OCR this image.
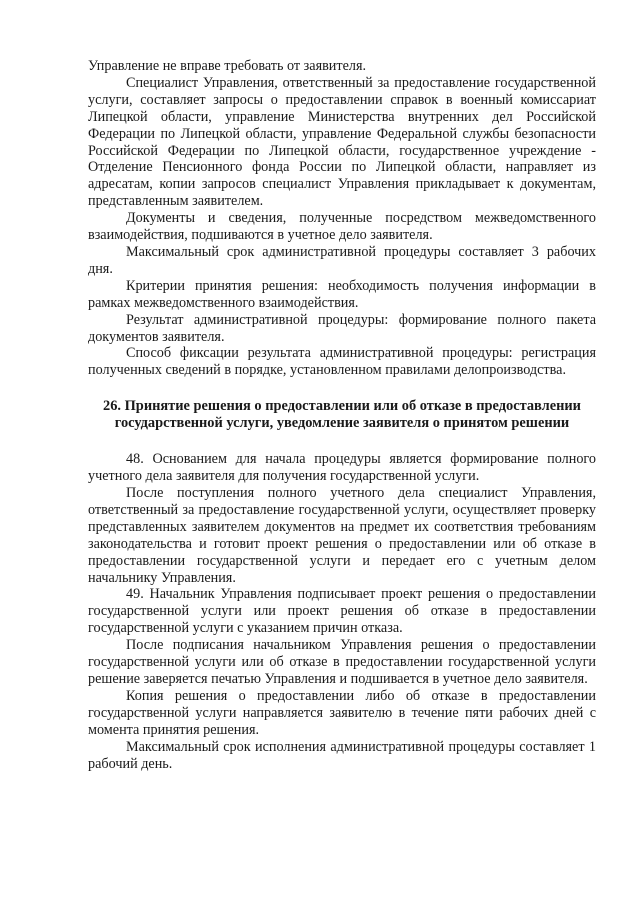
Управление не вправе требовать от заявителя.

Специалист Управления, ответственный за предоставление государственной услуги, составляет запросы о предоставлении справок в военный комиссариат Липецкой области, управление Министерства внутренних дел Российской Федерации по Липецкой области, управление Федеральной службы безопасности Российской Федерации по Липецкой области, государственное учреждение - Отделение Пенсионного фонда России по Липецкой области, направляет из адресатам, копии запросов специалист Управления прикладывает к документам, представленным заявителем.

Документы и сведения, полученные посредством межведомственного взаимодействия, подшиваются в учетное дело заявителя.

Максимальный срок административной процедуры составляет 3 рабочих дня.

Критерии принятия решения: необходимость получения информации в рамках межведомственного взаимодействия.

Результат административной процедуры: формирование полного пакета документов заявителя.

Способ фиксации результата административной процедуры: регистрация полученных сведений в порядке, установленном правилами делопроизводства.

26. Принятие решения о предоставлении или об отказе в предоставлении государственной услуги, уведомление заявителя о принятом решении

48. Основанием для начала процедуры является формирование полного учетного дела заявителя для получения государственной услуги.

После поступления полного учетного дела специалист Управления, ответственный за предоставление государственной услуги, осуществляет проверку представленных заявителем документов на предмет их соответствия требованиям законодательства и готовит проект решения о предоставлении или об отказе в предоставлении государственной услуги и передает его с учетным делом начальнику Управления.

49. Начальник Управления подписывает проект решения о предоставлении государственной услуги или проект решения об отказе в предоставлении государственной услуги с указанием причин отказа.

После подписания начальником Управления решения о предоставлении государственной услуги или об отказе в предоставлении государственной услуги решение заверяется печатью Управления и подшивается в учетное дело заявителя.

Копия решения о предоставлении либо об отказе в предоставлении государственной услуги направляется заявителю в течение пяти рабочих дней с момента принятия решения.

Максимальный срок исполнения административной процедуры составляет 1 рабочий день.
